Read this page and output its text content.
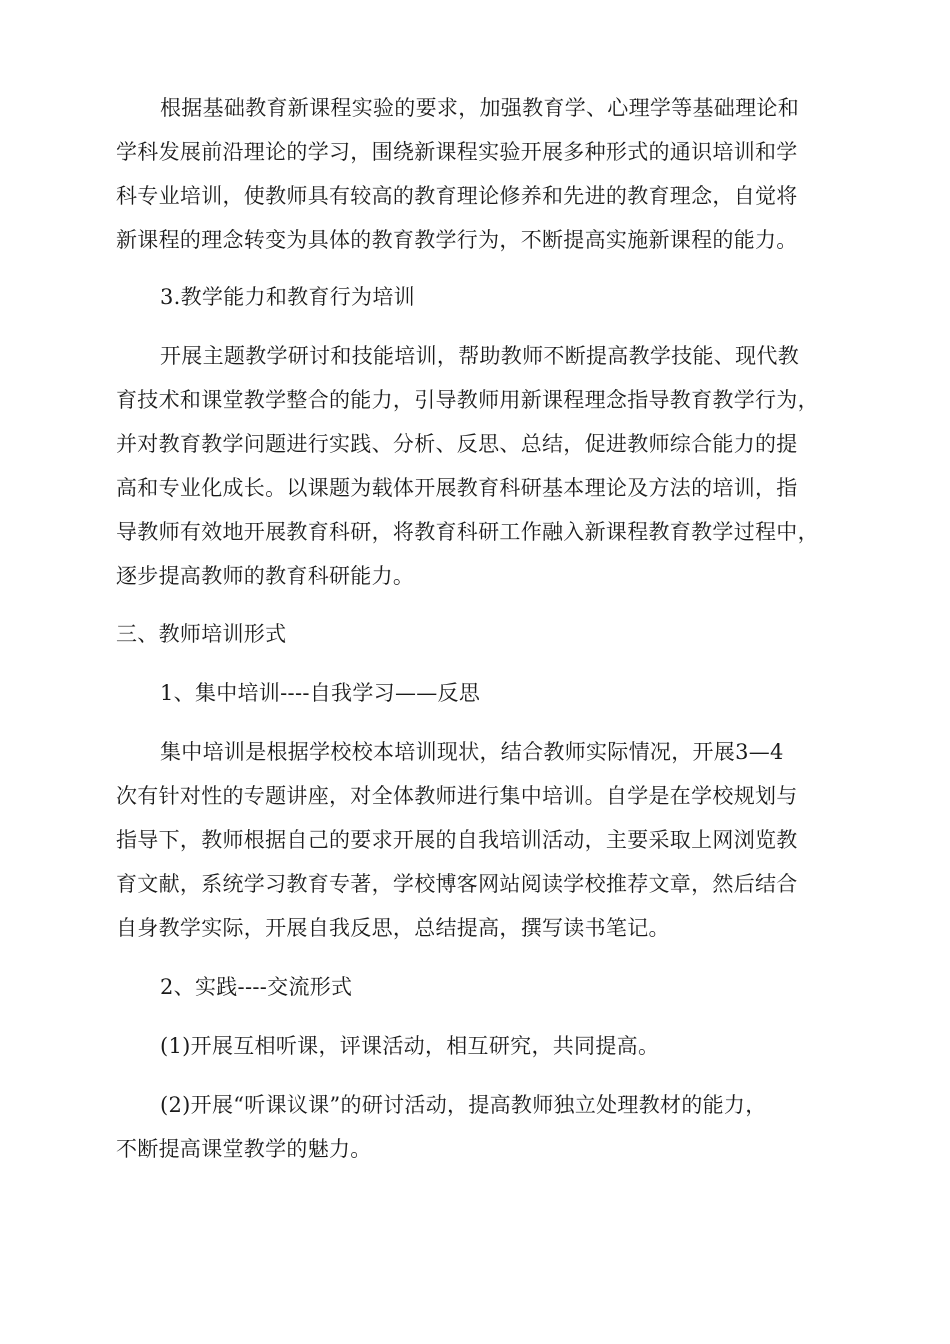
根据基础教育新课程实验的要求，加强教育学、心理学等基础理论和
学科发展前沿理论的学习，围绕新课程实验开展多种形式的通识培训和学
科专业培训，使教师具有较高的教育理论修养和先进的教育理念，自觉将
新课程的理念转变为具体的教育教学行为，不断提高实施新课程的能力。
3.教学能力和教育行为培训
开展主题教学研讨和技能培训，帮助教师不断提高教学技能、现代教
育技术和课堂教学整合的能力，引导教师用新课程理念指导教育教学行为，
并对教育教学问题进行实践、分析、反思、总结，促进教师综合能力的提
高和专业化成长。以课题为载体开展教育科研基本理论及方法的培训，指
导教师有效地开展教育科研，将教育科研工作融入新课程教育教学过程中，
逐步提高教师的教育科研能力。
三、教师培训形式
1、集中培训----自我学习——反思
集中培训是根据学校校本培训现状，结合教师实际情况，开展3—4
次有针对性的专题讲座，对全体教师进行集中培训。自学是在学校规划与
指导下，教师根据自己的要求开展的自我培训活动，主要采取上网浏览教
育文献，系统学习教育专著，学校博客网站阅读学校推荐文章，然后结合
自身教学实际，开展自我反思，总结提高，撰写读书笔记。
2、实践----交流形式
(1)开展互相听课，评课活动，相互研究，共同提高。
(2)开展“听课议课”的研讨活动，提高教师独立处理教材的能力，
不断提高课堂教学的魅力。
